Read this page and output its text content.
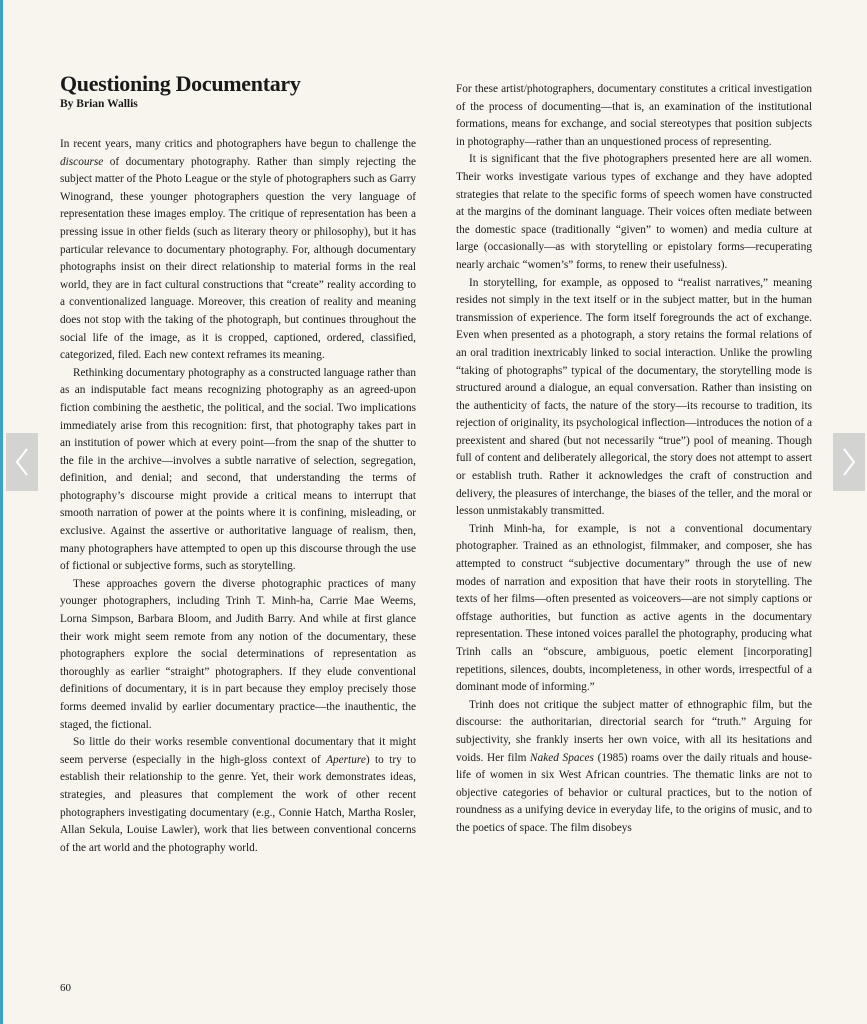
Questioning Documentary
By Brian Wallis

In recent years, many critics and photographers have begun to challenge the discourse of documentary photography. Rather than simply rejecting the subject matter of the Photo League or the style of photographers such as Garry Winogrand, these younger photographers question the very language of representation these images employ. The critique of representation has been a pressing issue in other fields (such as literary theory or philosophy), but it has particular relevance to documentary photography. For, although documentary photographs insist on their direct relationship to material forms in the real world, they are in fact cultural constructions that “create” reality according to a conventionalized language. Moreover, this creation of reality and meaning does not stop with the taking of the photograph, but continues throughout the social life of the image, as it is cropped, captioned, ordered, classified, categorized, filed. Each new context reframes its meaning.

Rethinking documentary photography as a constructed language rather than as an indisputable fact means recognizing photography as an agreed-upon fiction combining the aesthetic, the political, and the social. Two implications immediately arise from this recognition: first, that photography takes part in an institution of power which at every point—from the snap of the shutter to the file in the archive—involves a subtle narrative of selection, segregation, definition, and denial; and second, that understanding the terms of photography’s discourse might provide a critical means to interrupt that smooth narration of power at the points where it is confining, misleading, or exclusive. Against the assertive or authoritative language of realism, then, many photographers have attempted to open up this discourse through the use of fictional or subjective forms, such as storytelling.

These approaches govern the diverse photographic practices of many younger photographers, including Trinh T. Minh-ha, Carrie Mae Weems, Lorna Simpson, Barbara Bloom, and Judith Barry. And while at first glance their work might seem remote from any notion of the documentary, these photographers explore the social determinations of representation as thoroughly as earlier “straight” photographers. If they elude conventional definitions of documentary, it is in part because they employ precisely those forms deemed invalid by earlier documentary practice—the inauthentic, the staged, the fictional.

So little do their works resemble conventional documentary that it might seem perverse (especially in the high-gloss context of Aperture) to try to establish their relationship to the genre. Yet, their work demonstrates ideas, strategies, and pleasures that complement the work of other recent photographers investigating documentary (e.g., Connie Hatch, Martha Rosler, Allan Sekula, Louise Lawler), work that lies between conventional concerns of the art world and the photography world.

For these artist/photographers, documentary constitutes a critical investigation of the process of documenting—that is, an examination of the institutional formations, means for exchange, and social stereotypes that position subjects in photography—rather than an unquestioned process of representing.

It is significant that the five photographers presented here are all women. Their works investigate various types of exchange and they have adopted strategies that relate to the specific forms of speech women have constructed at the margins of the dominant language. Their voices often mediate between the domestic space (traditionally “given” to women) and media culture at large (occasionally—as with storytelling or epistolary forms—recuperating nearly archaic “women’s” forms, to renew their usefulness).

In storytelling, for example, as opposed to “realist narratives,” meaning resides not simply in the text itself or in the subject matter, but in the human transmission of experience. The form itself foregrounds the act of exchange. Even when presented as a photograph, a story retains the formal relations of an oral tradition inextricably linked to social interaction. Unlike the prowling “taking of photographs” typical of the documentary, the storytelling mode is structured around a dialogue, an equal conversation. Rather than insisting on the authenticity of facts, the nature of the story—its recourse to tradition, its rejection of originality, its psychological inflection—introduces the notion of a preexistent and shared (but not necessarily “true”) pool of meaning. Though full of content and deliberately allegorical, the story does not attempt to assert or establish truth. Rather it acknowledges the craft of construction and delivery, the pleasures of interchange, the biases of the teller, and the moral or lesson unmistakably transmitted.

Trinh Minh-ha, for example, is not a conventional documentary photographer. Trained as an ethnologist, filmmaker, and composer, she has attempted to construct “subjective documentary” through the use of new modes of narration and exposition that have their roots in storytelling. The texts of her films—often presented as voiceovers—are not simply captions or offstage authorities, but function as active agents in the documentary representation. These intoned voices parallel the photography, producing what Trinh calls an “obscure, ambiguous, poetic element [incorporating] repetitions, silences, doubts, incompleteness, in other words, irrespectful of a dominant mode of informing.”

Trinh does not critique the subject matter of ethnographic film, but the discourse: the authoritarian, directorial search for “truth.” Arguing for subjectivity, she frankly inserts her own voice, with all its hesitations and voids. Her film Naked Spaces (1985) roams over the daily rituals and house-life of women in six West African countries. The thematic links are not to objective categories of behavior or cultural practices, but to the notion of roundness as a unifying device in everyday life, to the origins of music, and to the poetics of space. The film disobeys

60
